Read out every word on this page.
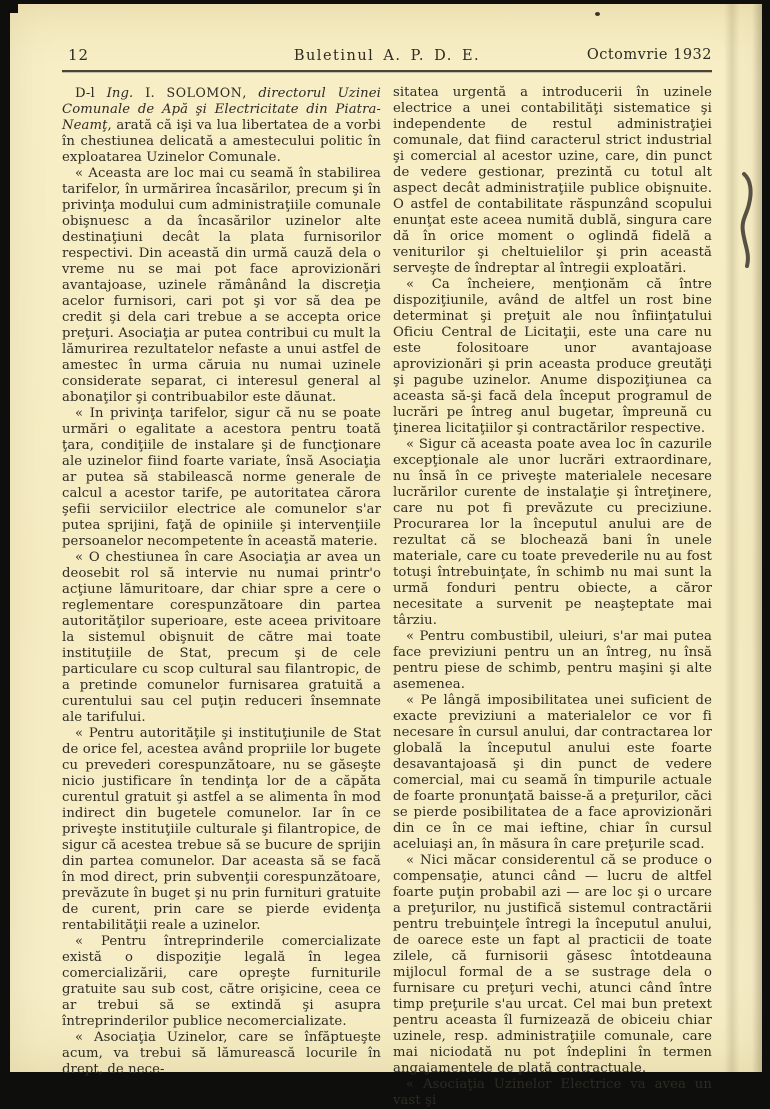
12	Buletinul A. P. D. E.	Octomvrie 1932

D-l Ing. I. SOLOMON, directorul Uzinei Comunale de Apă şi Electricitate din Piatra-Neamţ, arată că işi va lua libertatea de a vorbi în chestiunea delicată a amestecului politic în exploatarea Uzinelor Comunale.

« Aceasta are loc mai cu seamă în stabilirea tarifelor, în urmărirea încasărilor, precum şi în privinţa modului cum administraţiile comunale obişnuesc a da încasărilor uzinelor alte destinaţiuni decât la plata furnisorilor respectivi. Din această din urmă cauză dela o vreme nu se mai pot face aprovizionări avantajoase, uzinele rămânând la discreţia acelor furnisori, cari pot şi vor să dea pe credit şi dela cari trebue a se accepta orice preţuri. Asociaţia ar putea contribui cu mult la lămurirea rezultatelor nefaste a unui astfel de amestec în urma căruia nu numai uzinele considerate separat, ci interesul general al abonaţilor şi contribuabilor este dăunat.

« In privinţa tarifelor, sigur că nu se poate urmări o egalitate a acestora pentru toată ţara, condiţiile de instalare şi de funcţionare ale uzinelor fiind foarte variate, însă Asociaţia ar putea să stabilească norme generale de calcul a acestor tarife, pe autoritatea cărora şefii serviciilor electrice ale comunelor s'ar putea sprijini, faţă de opiniile şi intervenţiile persoanelor necompetente în această materie.

« O chestiunea în care Asociaţia ar avea un deosebit rol să intervie nu numai printr'o acţiune lămuritoare, dar chiar spre a cere o reglementare corespunzătoare din partea autorităţilor superioare, este aceea privitoare la sistemul obişnuit de către mai toate instituţiile de Stat, precum şi de cele particulare cu scop cultural sau filantropic, de a pretinde comunelor furnisarea gratuită a curentului sau cel puţin reduceri însemnate ale tarifului.

« Pentru autorităţile şi instituţiunile de Stat de orice fel, acestea având propriile lor bugete cu prevederi corespunzătoare, nu se găseşte nicio justificare în tendinţa lor de a căpăta curentul gratuit şi astfel a se alimenta în mod indirect din bugetele comunelor. Iar în ce priveşte instituţiile culturale şi filantropice, de sigur că acestea trebue să se bucure de sprijin din partea comunelor. Dar aceasta să se facă în mod direct, prin subvenţii corespunzătoare, prevăzute în buget şi nu prin furnituri gratuite de curent, prin care se pierde evidenţa rentabilităţii reale a uzinelor.

« Pentru întreprinderile comercializate există o dispoziţie legală în legea comercializării, care opreşte furniturile gratuite sau sub cost, către orişicine, ceea ce ar trebui să se extindă şi asupra întreprinderilor publice necomercializate.

« Asociaţia Uzinelor, care se înfăptueşte acum, va trebui să lămurească locurile în drept, de nece-

sitatea urgentă a introducerii în uzinele electrice a unei contabilităţi sistematice şi independente de restul administraţiei comunale, dat fiind caracterul strict industrial şi comercial al acestor uzine, care, din punct de vedere gestionar, prezintă cu totul alt aspect decât administraţiile publice obişnuite. O astfel de contabilitate răspunzând scopului enunţat este aceea numită dublă, singura care dă în orice moment o oglindă fidelă a veniturilor şi cheltuielilor şi prin această serveşte de îndreptar al întregii exploatări.

« Ca încheiere, menţionăm că între dispoziţiunile, având de altfel un rost bine determinat şi preţuit ale nou înfiinţatului Oficiu Central de Licitaţii, este una care nu este folositoare unor avantajoase aprovizionări şi prin aceasta produce greutăţi şi pagube uzinelor. Anume dispoziţiunea ca aceasta să-şi facă dela început programul de lucrări pe întreg anul bugetar, împreună cu ţinerea licitaţiilor şi contractărilor respective.

« Sigur că aceasta poate avea loc în cazurile excepţionale ale unor lucrări extraordinare, nu însă în ce priveşte materialele necesare lucrărilor curente de instalaţie şi întreţinere, care nu pot fi prevăzute cu preciziune. Procurarea lor la începutul anului are de rezultat că se blochează bani în unele materiale, care cu toate prevederile nu au fost totuşi întrebuinţate, în schimb nu mai sunt la urmă fonduri pentru obiecte, a căror necesitate a survenit pe neaşteptate mai târziu.

« Pentru combustibil, uleiuri, s'ar mai putea face previziuni pentru un an întreg, nu însă pentru piese de schimb, pentru maşini şi alte asemenea.

« Pe lângă imposibilitatea unei suficient de exacte previziuni a materialelor ce vor fi necesare în cursul anului, dar contractarea lor globală la începutul anului este foarte desavantajoasă şi din punct de vedere comercial, mai cu seamă în timpurile actuale de foarte pronunţată baisse-ă a preţurilor, căci se pierde posibilitatea de a face aprovizionări din ce în ce mai ieftine, chiar în cursul aceluiaşi an, în măsura în care preţurile scad.

« Nici măcar considerentul că se produce o compensaţie, atunci când — lucru de altfel foarte puţin probabil azi — are loc şi o urcare a preţurilor, nu justifică sistemul contractării pentru trebuinţele întregi la începutul anului, de oarece este un fapt al practicii de toate zilele, că furnisorii găsesc întotdeauna mijlocul formal de a se sustrage dela o furnisare cu preţuri vechi, atunci când între timp preţurile s'au urcat. Cel mai bun pretext pentru aceasta îl furnizează de obiceiu chiar uzinele, resp. administraţiile comunale, care mai niciodată nu pot îndeplini în termen angajamentele de plată contractuale.

« Asociaţia Uzinelor Electrice va avea un vast şi
